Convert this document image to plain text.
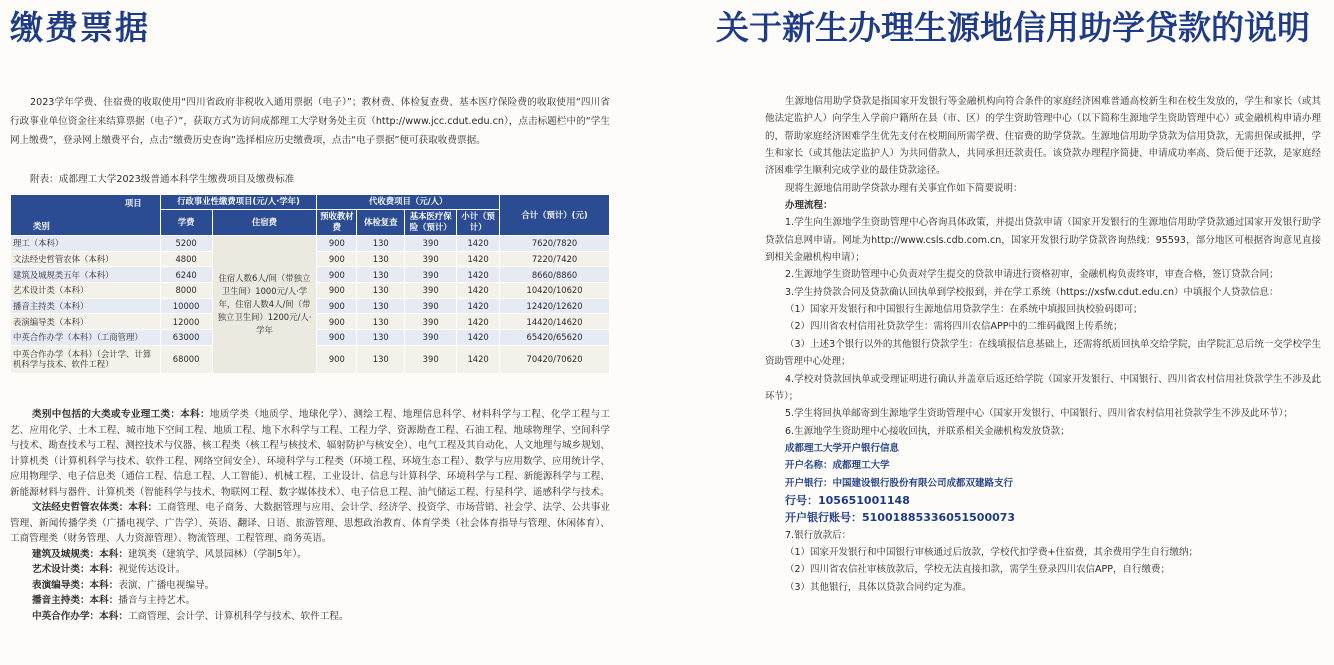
缴费票据
2023学年学费、住宿费的收取使用“四川省政府非税收入通用票据（电子）”；教材费、体检复查费、基本医疗保险费的收取使用“四川省行政事业单位资金往来结算票据（电子）”，获取方式为访问成都理工大学财务处主页（http://www.jcc.cdut.edu.cn），点击标题栏中的“学生网上缴费”，登录网上缴费平台，点击“缴费历史查询”选择相应历史缴费项，点击“电子票据”便可获取收费票据。
附表：成都理工大学2023级普通本科学生缴费项目及缴费标准
项目
类别	行政事业性缴费项目(元/人·学年)		代收费项目（元/人）				合计（预计）(元)
	学费	住宿费	预收教材费	体检复查	基本医疗保险（预计）	小计（预计）	
理工（本科）	5200	住宿人数6人/间（带独立卫生间）1000元/人·学年，住宿人数4人/间（带独立卫生间）1200元/人·学年	900	130	390	1420	7620/7820
文法经史哲管农体（本科）	4800		900	130	390	1420	7220/7420
建筑及城规类五年（本科）	6240		900	130	390	1420	8660/8860
艺术设计类（本科）	8000		900	130	390	1420	10420/10620
播音主持类（本科）	10000		900	130	390	1420	12420/12620
表演编导类（本科）	12000		900	130	390	1420	14420/14620
中英合作办学（本科）（工商管理）	63000		900	130	390	1420	65420/65620
中英合作办学（本科）（会计学、计算机科学与技术、软件工程）	68000		900	130	390	1420	70420/70620
类别中包括的大类或专业理工类：本科：地质学类（地质学、地球化学）、测绘工程、地理信息科学、材料科学与工程、化学工程与工艺、应用化学、土木工程、城市地下空间工程、地质工程、地下水科学与工程、工程力学、资源勘查工程、石油工程、地球物理学、空间科学与技术、勘查技术与工程、测控技术与仪器、核工程类（核工程与核技术、辐射防护与核安全）、电气工程及其自动化、人文地理与城乡规划、计算机类（计算机科学与技术、软件工程、网络空间安全）、环境科学与工程类（环境工程、环境生态工程）、数学与应用数学、应用统计学、应用物理学、电子信息类（通信工程、信息工程、人工智能）、机械工程、工业设计、信息与计算科学、环境科学与工程、新能源科学与工程、新能源材料与器件、计算机类（智能科学与技术、物联网工程、数字媒体技术）、电子信息工程、油气储运工程、行星科学、遥感科学与技术。
文法经史哲管农体类：本科：工商管理、电子商务、大数据管理与应用、会计学、经济学、投资学、市场营销、社会学、法学、公共事业管理、新闻传播学类（广播电视学、广告学）、英语、翻译、日语、旅游管理、思想政治教育、体育学类（社会体育指导与管理、休闲体育）、工商管理类（财务管理、人力资源管理）、物流管理、工程管理、商务英语。
建筑及城规类：本科：建筑类（建筑学、风景园林）（学制5年）。
艺术设计类：本科：视觉传达设计。
表演编导类：本科：表演、广播电视编导。
播音主持类：本科：播音与主持艺术。
中英合作办学：本科：工商管理、会计学、计算机科学与技术、软件工程。
关于新生办理生源地信用助学贷款的说明
生源地信用助学贷款是指国家开发银行等金融机构向符合条件的家庭经济困难普通高校新生和在校生发放的，学生和家长（或其他法定监护人）向学生入学前户籍所在县（市、区）的学生资助管理中心（以下简称生源地学生资助管理中心）或金融机构申请办理的，帮助家庭经济困难学生优先支付在校期间所需学费、住宿费的助学贷款。生源地信用助学贷款为信用贷款，无需担保或抵押，学生和家长（或其他法定监护人）为共同借款人，共同承担还款责任。该贷款办理程序简捷、申请成功率高、贷后便于还款，是家庭经济困难学生顺利完成学业的最佳贷款途径。
现将生源地信用助学贷款办理有关事宜作如下简要说明：
办理流程：
1.学生向生源地学生资助管理中心咨询具体政策，并提出贷款申请（国家开发银行的生源地信用助学贷款通过国家开发银行助学贷款信息网申请。网址为http://www.csls.cdb.com.cn，国家开发银行助学贷款咨询热线：95593，部分地区可根据咨询意见直接到相关金融机构申请）；
2.生源地学生资助管理中心负责对学生提交的贷款申请进行资格初审，金融机构负责终审，审查合格，签订贷款合同；
3.学生持贷款合同及贷款确认回执单到学校报到，并在学工系统（https://xsfw.cdut.edu.cn）中填报个人贷款信息：
（1）国家开发银行和中国银行生源地信用贷款学生：在系统中填报回执校验码即可；
（2）四川省农村信用社贷款学生：需将四川农信APP中的二维码截图上传系统；
（3）上述3个银行以外的其他银行贷款学生：在线填报信息基础上，还需将纸质回执单交给学院，由学院汇总后统一交学校学生资助管理中心处理；
4.学校对贷款回执单或受理证明进行确认并盖章后返还给学院（国家开发银行、中国银行、四川省农村信用社贷款学生不涉及此环节）；
5.学生将回执单邮寄到生源地学生资助管理中心（国家开发银行、中国银行、四川省农村信用社贷款学生不涉及此环节）；
6.生源地学生资助理中心接收回执，并联系相关金融机构发放贷款；
成都理工大学开户银行信息
开户名称：成都理工大学
开户银行：中国建设银行股份有限公司成都双建路支行
行号：105651001148
开户银行账号：51001885336051500073
7.银行放款后：
（1）国家开发银行和中国银行审核通过后放款，学校代扣学费+住宿费，其余费用学生自行缴纳；
（2）四川省农信社审核放款后，学校无法直接扣款，需学生登录四川农信APP，自行缴费；
（3）其他银行，具体以贷款合同约定为准。
